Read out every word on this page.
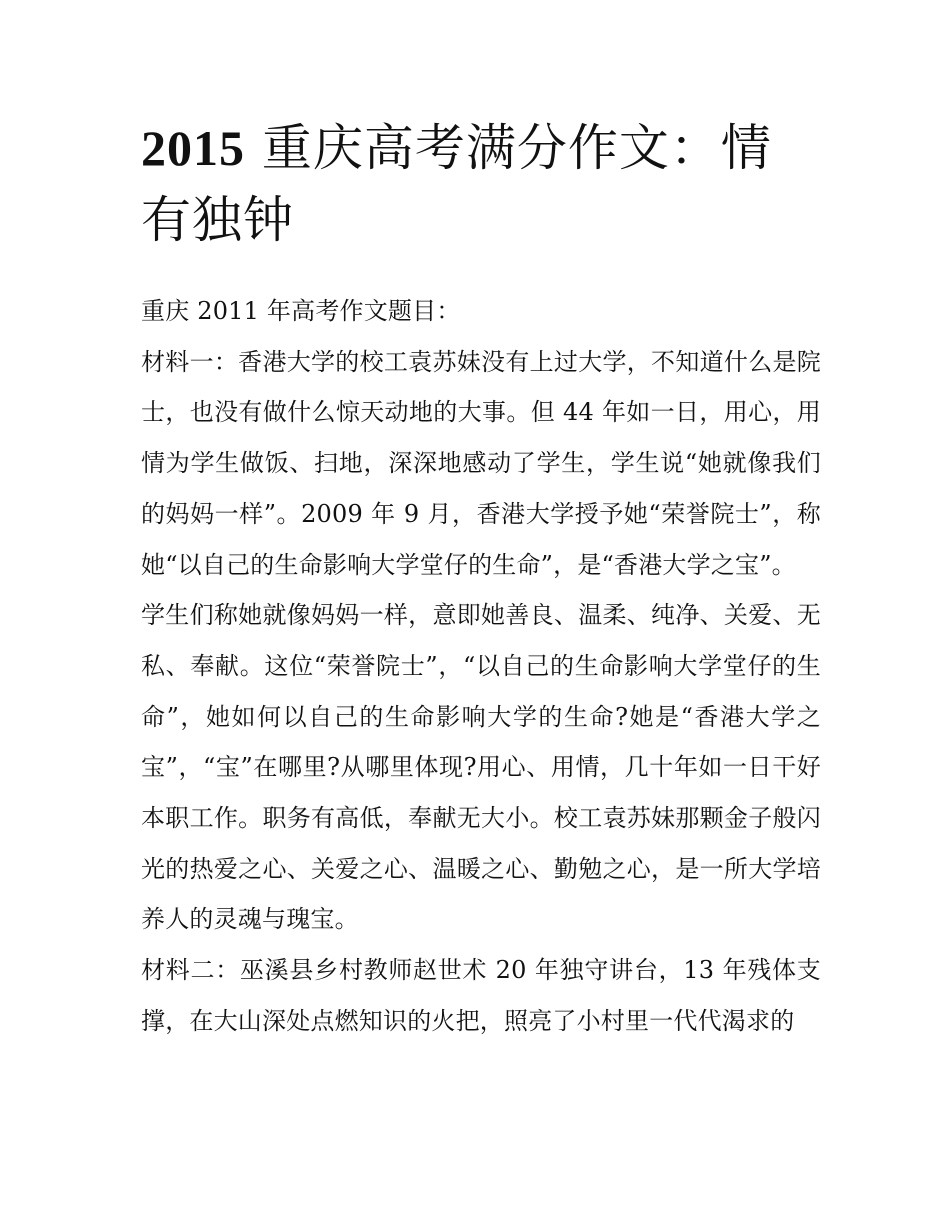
2015 重庆高考满分作文：情有独钟

重庆 2011 年高考作文题目：

材料一：香港大学的校工袁苏妹没有上过大学，不知道什么是院士，也没有做什么惊天动地的大事。但 44 年如一日，用心，用情为学生做饭、扫地，深深地感动了学生，学生说“她就像我们的妈妈一样”。2009 年 9 月，香港大学授予她“荣誉院士”，称她“以自己的生命影响大学堂仔的生命”，是“香港大学之宝”。

学生们称她就像妈妈一样，意即她善良、温柔、纯净、关爱、无私、奉献。这位“荣誉院士”，“以自己的生命影响大学堂仔的生命”，她如何以自己的生命影响大学的生命?她是“香港大学之宝”，“宝”在哪里?从哪里体现?用心、用情，几十年如一日干好本职工作。职务有高低，奉献无大小。校工袁苏妹那颗金子般闪光的热爱之心、关爱之心、温暖之心、勤勉之心，是一所大学培养人的灵魂与瑰宝。

材料二：巫溪县乡村教师赵世术 20 年独守讲台，13 年残体支撑，在大山深处点燃知识的火把，照亮了小村里一代代渴求的
